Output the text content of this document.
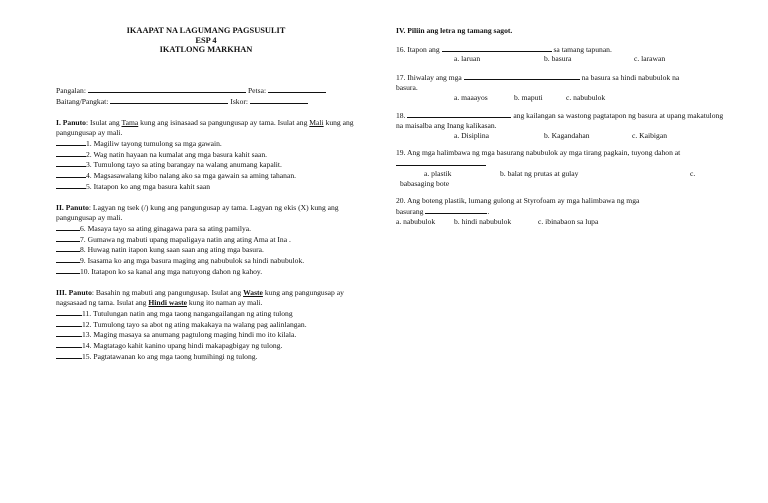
IKAAPAT NA LAGUMANG PAGSUSULIT
ESP 4
IKATLONG MARKHAN
Pangalan:	Petsa:
Baitang/Pangkat:	Iskor:
I. Panuto: Isulat ang Tama kung ang isinasaad sa pangungusap ay tama. Isulat ang Mali kung ang pangungusap ay mali.
1. Magiliw tayong tumulong sa mga gawain.
2. Wag natin hayaan na kumalat ang mga basura kahit saan.
3. Tumulong tayo sa ating barangay na walang anumang kapalit.
4. Magsasawalang kibo nalang ako sa mga gawain sa aming tahanan.
5. Itatapon ko ang mga basura kahit saan
II. Panuto: Lagyan ng tsek (/) kung ang pangungusap ay tama. Lagyan ng ekis (X) kung ang pangungusap ay mali.
6. Masaya tayo sa ating ginagawa para sa ating pamilya.
7. Gumawa ng mabuti upang mapaligaya natin ang ating Ama at Ina .
8. Huwag natin itapon kung saan saan ang ating mga basura.
9. Isasama ko ang mga basura maging ang nabubulok sa hindi nabubulok.
10. Itatapon ko sa kanal ang mga natuyong dahon ng kahoy.
III. Panuto: Basahin ng mabuti ang pangungusap. Isulat ang Waste kung ang pangungusap ay nagsasaad ng tama. Isulat ang Hindi waste kung ito naman ay mali.
11. Tutulungan natin ang mga taong nangangailangan ng ating tulong
12. Tumulong tayo sa abot ng ating makakaya na walang pag aalinlangan.
13. Maging masaya sa anumang pagtulong maging hindi mo ito kilala.
14. Magtatago kahit kanino upang hindi makapagbigay ng tulong.
15. Pagtatawanan ko ang mga taong humihingi ng tulong.
IV. Piliin ang letra ng tamang sagot.
16. Itapon ang	sa tamang tapunan.
a. laruan	b. basura	c. larawan
17. Ihiwalay ang mga	na basura sa hindi nabubulok na
basura.
a. maaayos	b. maputi	c. nabubulok
18.	ang kailangan sa wastong pagtatapon ng basura at upang makatulong na maisalba ang Inang kalikasan.
a. Disiplina	b. Kagandahan	c. Kaibigan
19. Ang mga halimbawa ng mga basurang nabubulok ay mga tirang pagkain, tuyong dahon at
a. plastik	b. balat ng prutas at gulay	c.
babasaging bote
20. Ang boteng plastik, lumang gulong at Styrofoam ay mga halimbawa ng mga
basurang	.
a. nabubulok	b. hindi nabubulok	c. ibinabaon sa lupa
